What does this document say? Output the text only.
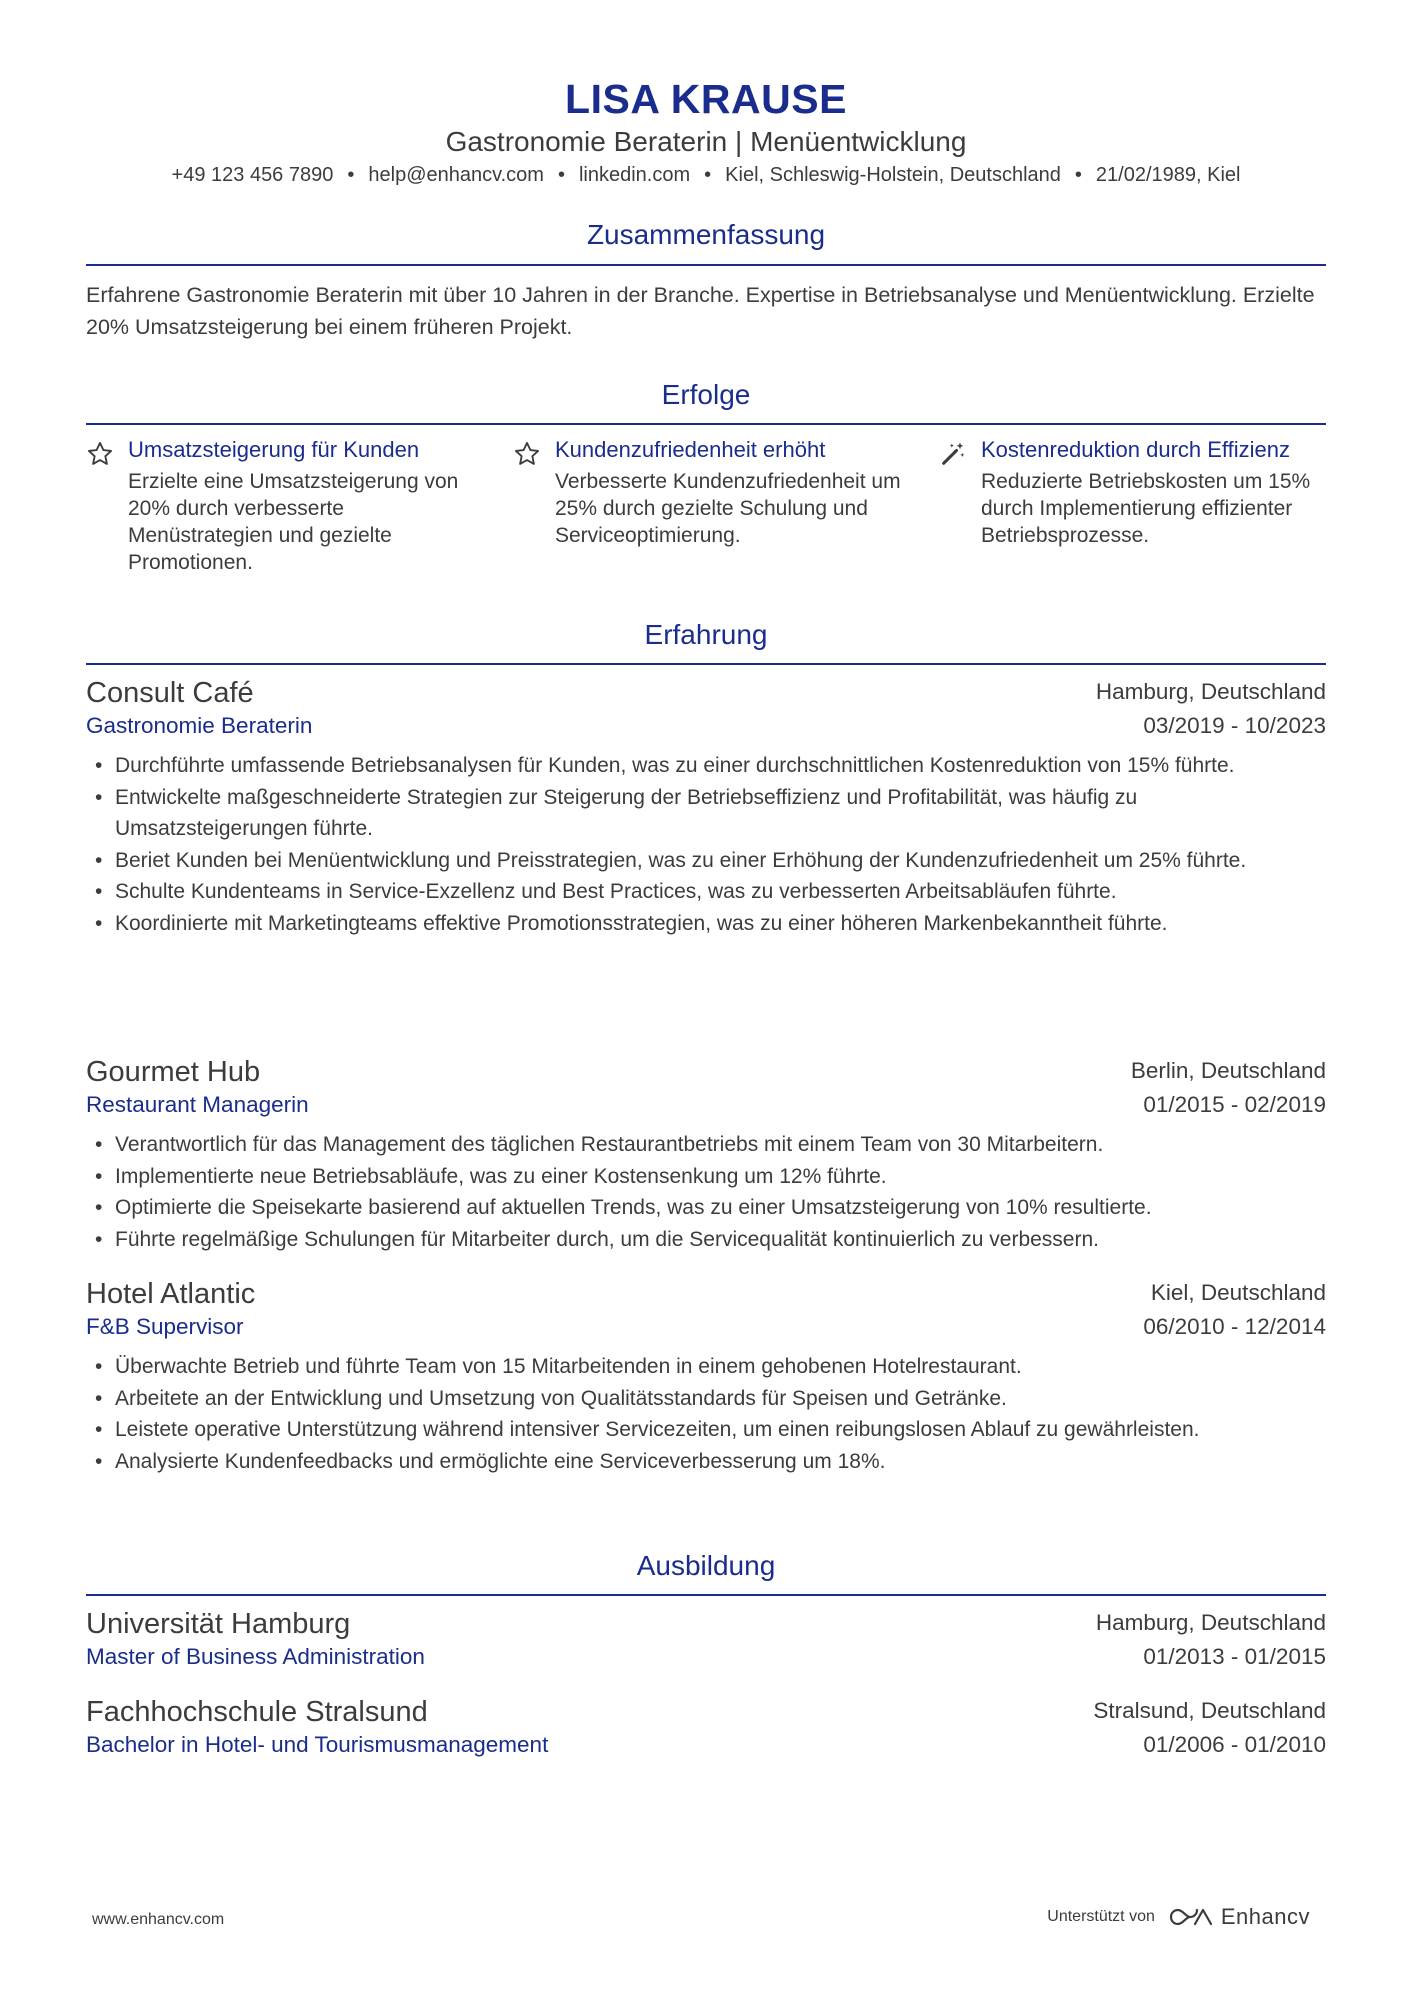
LISA KRAUSE
Gastronomie Beraterin | Menüentwicklung
+49 123 456 7890 • help@enhancv.com • linkedin.com • Kiel, Schleswig-Holstein, Deutschland • 21/02/1989, Kiel
Zusammenfassung
Erfahrene Gastronomie Beraterin mit über 10 Jahren in der Branche. Expertise in Betriebsanalyse und Menüentwicklung. Erzielte 20% Umsatzsteigerung bei einem früheren Projekt.
Erfolge
Umsatzsteigerung für Kunden
Erzielte eine Umsatzsteigerung von 20% durch verbesserte Menüstrategien und gezielte Promotionen.
Kundenzufriedenheit erhöht
Verbesserte Kundenzufriedenheit um 25% durch gezielte Schulung und Serviceoptimierung.
Kostenreduktion durch Effizienz
Reduzierte Betriebskosten um 15% durch Implementierung effizienter Betriebsprozesse.
Erfahrung
Consult Café	Hamburg, Deutschland
Gastronomie Beraterin	03/2019 - 10/2023
• Durchführte umfassende Betriebsanalysen für Kunden, was zu einer durchschnittlichen Kostenreduktion von 15% führte.
• Entwickelte maßgeschneiderte Strategien zur Steigerung der Betriebseffizienz und Profitabilität, was häufig zu Umsatzsteigerungen führte.
• Beriet Kunden bei Menüentwicklung und Preisstrategien, was zu einer Erhöhung der Kundenzufriedenheit um 25% führte.
• Schulte Kundenteams in Service-Exzellenz und Best Practices, was zu verbesserten Arbeitsabläufen führte.
• Koordinierte mit Marketingteams effektive Promotionsstrategien, was zu einer höheren Markenbekanntheit führte.
Gourmet Hub	Berlin, Deutschland
Restaurant Managerin	01/2015 - 02/2019
• Verantwortlich für das Management des täglichen Restaurantbetriebs mit einem Team von 30 Mitarbeitern.
• Implementierte neue Betriebsabläufe, was zu einer Kostensenkung um 12% führte.
• Optimierte die Speisekarte basierend auf aktuellen Trends, was zu einer Umsatzsteigerung von 10% resultierte.
• Führte regelmäßige Schulungen für Mitarbeiter durch, um die Servicequalität kontinuierlich zu verbessern.
Hotel Atlantic	Kiel, Deutschland
F&B Supervisor	06/2010 - 12/2014
• Überwachte Betrieb und führte Team von 15 Mitarbeitenden in einem gehobenen Hotelrestaurant.
• Arbeitete an der Entwicklung und Umsetzung von Qualitätsstandards für Speisen und Getränke.
• Leistete operative Unterstützung während intensiver Servicezeiten, um einen reibungslosen Ablauf zu gewährleisten.
• Analysierte Kundenfeedbacks und ermöglichte eine Serviceverbesserung um 18%.
Ausbildung
Universität Hamburg	Hamburg, Deutschland
Master of Business Administration	01/2013 - 01/2015
Fachhochschule Stralsund	Stralsund, Deutschland
Bachelor in Hotel- und Tourismusmanagement	01/2006 - 01/2010
www.enhancv.com	Unterstützt von	Enhancv
